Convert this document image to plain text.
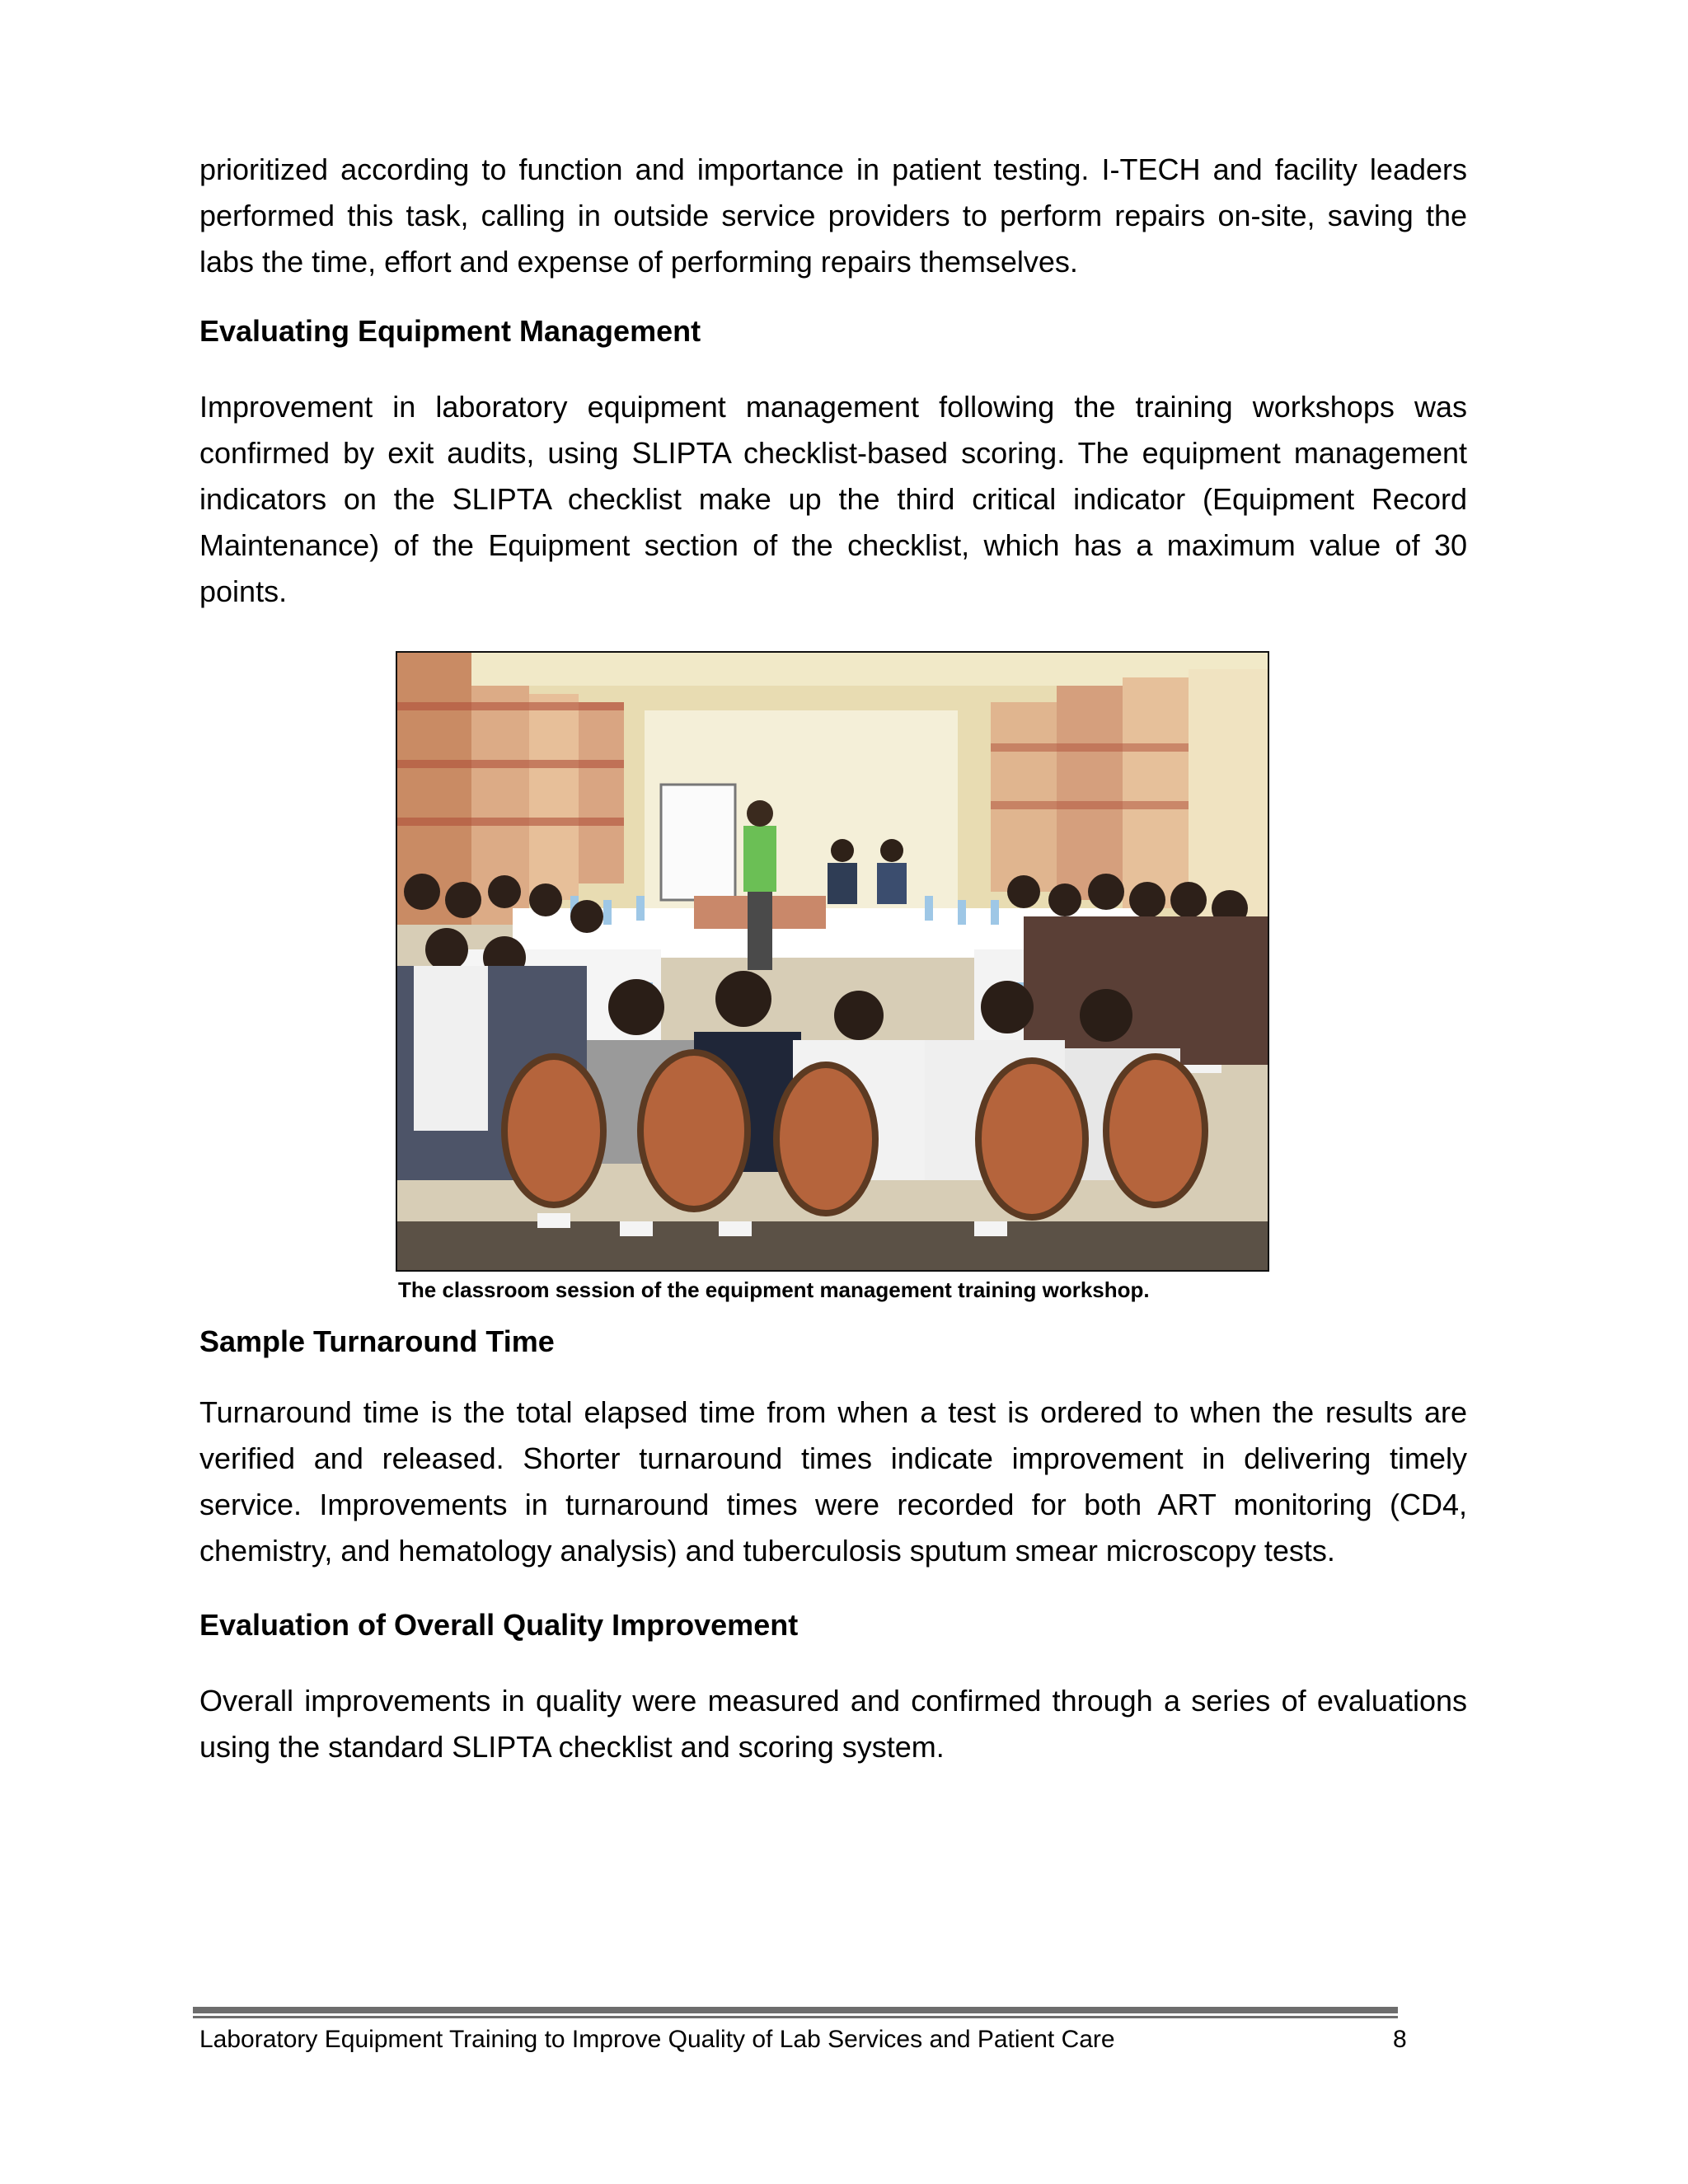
prioritized according to function and importance in patient testing. I-TECH and facility leaders performed this task, calling in outside service providers to perform repairs on-site, saving the labs the time, effort and expense of performing repairs themselves.

Evaluating Equipment Management

Improvement in laboratory equipment management following the training workshops was confirmed by exit audits, using SLIPTA checklist-based scoring. The equipment management indicators on the SLIPTA checklist make up the third critical indicator (Equipment Record Maintenance) of the Equipment section of the checklist, which has a maximum value of 30 points.

The classroom session of the equipment management training workshop.

Sample Turnaround Time

Turnaround time is the total elapsed time from when a test is ordered to when the results are verified and released. Shorter turnaround times indicate improvement in delivering timely service. Improvements in turnaround times were recorded for both ART monitoring (CD4, chemistry, and hematology analysis) and tuberculosis sputum smear microscopy tests.

Evaluation of Overall Quality Improvement

Overall improvements in quality were measured and confirmed through a series of evaluations using the standard SLIPTA checklist and scoring system.

Laboratory Equipment Training to Improve Quality of Lab Services and Patient Care	8
